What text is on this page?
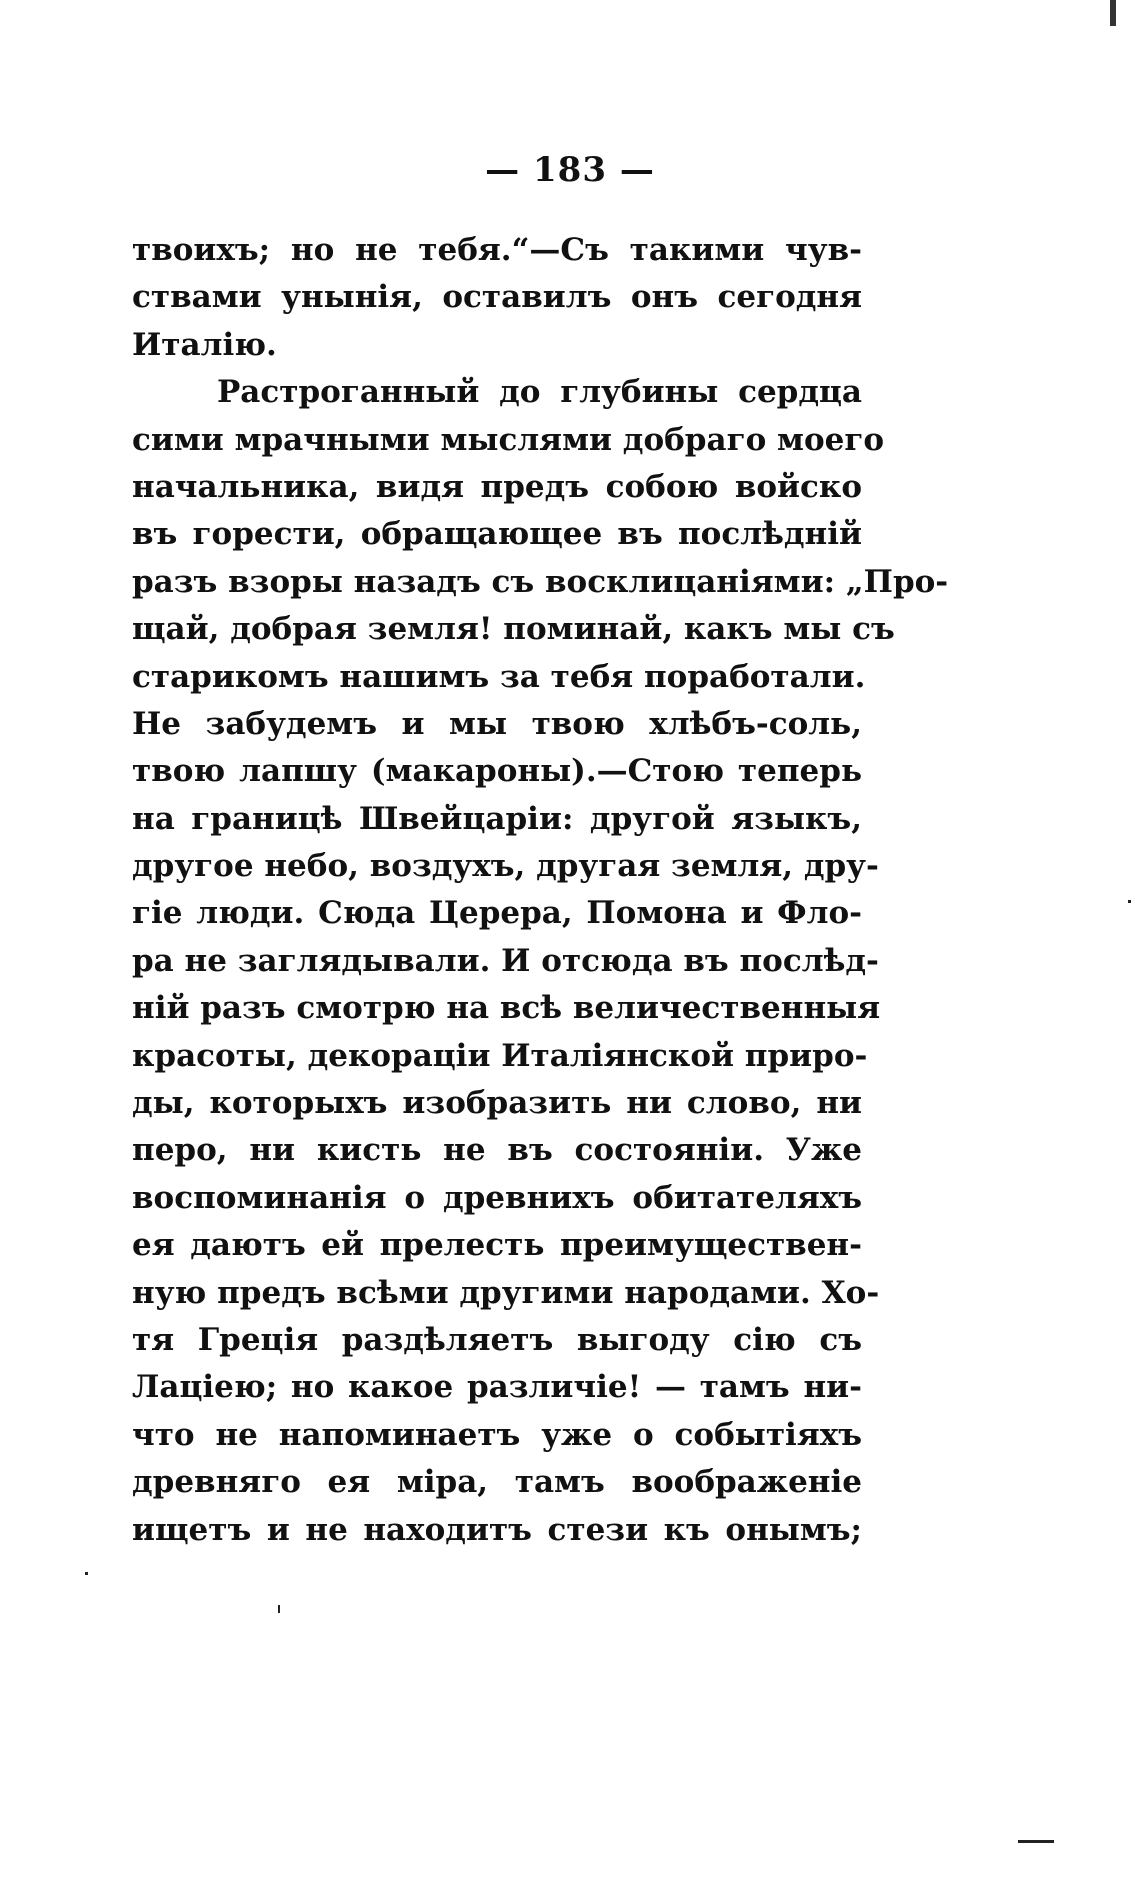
— 183 —
твоихъ; но не тебя.“—Съ такими чув-
ствами унынія, оставилъ онъ сегодня
Италію.
Растроганный до глубины сердца
сими мрачными мыслями добраго моего
начальника, видя предъ собою войско
въ горести, обращающее въ послѣдній
разъ взоры назадъ съ восклицаніями: „Про-
щай, добрая земля! поминай, какъ мы съ
старикомъ нашимъ за тебя поработали.
Не забудемъ и мы твою хлѣбъ-соль,
твою лапшу (макароны).—Стою теперь
на границѣ Швейцаріи: другой языкъ,
другое небо, воздухъ, другая земля, дру-
гіе люди. Сюда Церера, Помона и Фло-
ра не заглядывали. И отсюда въ послѣд-
ній разъ смотрю на всѣ величественныя
красоты, декораціи Италіянской приро-
ды, которыхъ изобразить ни слово, ни
перо, ни кисть не въ состояніи. Уже
воспоминанія о древнихъ обитателяхъ
ея даютъ ей прелесть преимуществен-
ную предъ всѣми другими народами. Хо-
тя Греція раздѣляетъ выгоду сію съ
Лаціею; но какое различіе! — тамъ ни-
что не напоминаетъ уже о событіяхъ
древняго ея міра, тамъ воображеніе
ищетъ и не находитъ стези къ онымъ;
